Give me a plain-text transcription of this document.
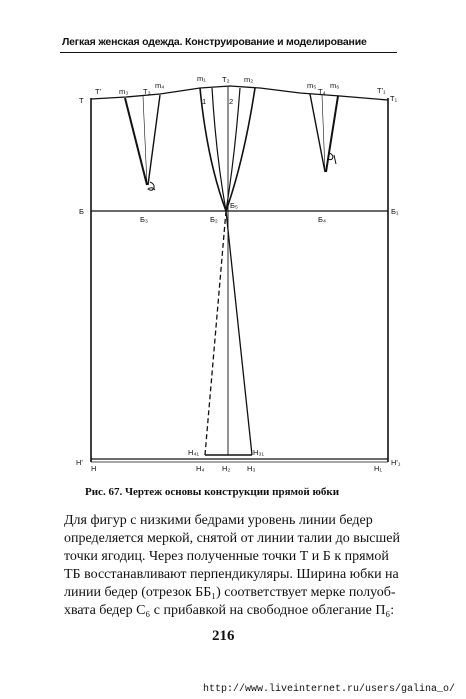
Легкая женская одежда. Конструирование и моделирование
Т'
Т
m₃ Т₃
m₄
m₁ Т₂ m₂
m₅
Т₄
m₆
Т'₁
Т₁
1	2
Б
Б₃	Б₂
Б₅
Б₄
Б₁
Н₄₁	Н₃₁
Н'
Н	Н₄ Н₂ Н₃	Н₁
Н'₁
Рис. 67. Чертеж основы конструкции прямой юбки
Для фигур с низкими бедрами уровень линии бедер
определяется меркой, снятой от линии талии до высшей
точки ягодиц. Через полученные точки Т и Б к прямой
ТБ восстанавливают перпендикуляры. Ширина юбки на
линии бедер (отрезок ББ₁) соответствует мерке полуоб-
хвата бедер С₆ с прибавкой на свободное облегание П₆:
216
http://www.liveinternet.ru/users/galina_o/
